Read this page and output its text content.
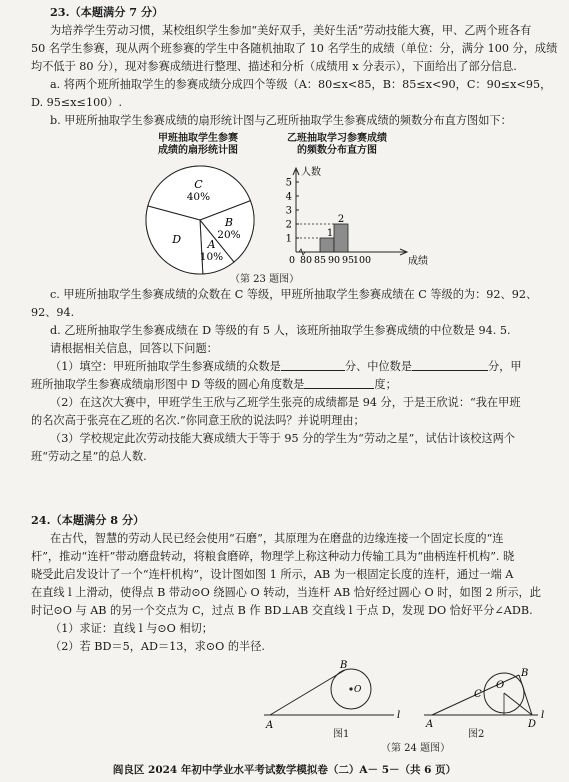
23.（本题满分 7 分）
为培养学生劳动习惯，某校组织学生参加“美好双手，美好生活”劳动技能大赛，甲、乙两个班各有
50 名学生参赛，现从两个班参赛的学生中各随机抽取了 10 名学生的成绩（单位：分，满分 100 分，成绩
均不低于 80 分），现对参赛成绩进行整理、描述和分析（成绩用 x 分表示），下面给出了部分信息.
a. 将两个班所抽取学生的参赛成绩分成四个等级（A：80≤x<85，B：85≤x<90，C：90≤x<95，
D. 95≤x≤100）.
b. 甲班所抽取学生参赛成绩的扇形统计图与乙班所抽取学生参赛成绩的频数分布直方图如下：
甲班抽取学生参赛
成绩的扇形统计图
乙班抽取学习参赛成绩
的频数分布直方图
A
10%
B
20%
C
40%
D	1
2
3
4
5
人数
0 80 85 90 95
100	成绩
1
2
（第 23 题图）
c. 甲班所抽取学生参赛成绩的众数在 C 等级，甲班所抽取学生参赛成绩在 C 等级的为：92、92、
92、94.
d. 乙班所抽取学生参赛成绩在 D 等级的有 5 人，该班所抽取学生参赛成绩的中位数是 94. 5.
请根据相关信息，回答以下问题：
（1）填空：甲班所抽取学生参赛成绩的众数是	分、中位数是	分，甲
班所抽取学生参赛成绩扇形图中 D 等级的圆心角度数是	度；
（2）在这次大赛中，甲班学生王欣与乙班学生张亮的成绩都是 94 分，于是王欣说：“我在甲班
的名次高于张亮在乙班的名次.”你同意王欣的说法吗？并说明理由；
（3）学校规定此次劳动技能大赛成绩大于等于 95 分的学生为“劳动之星”，试估计该校这两个
班“劳动之星”的总人数.
24.（本题满分 8 分）
在古代，智慧的劳动人民已经会使用“石磨”，其原理为在磨盘的边缘连接一个固定长度的“连
杆”，推动“连杆”带动磨盘转动，将粮食磨碎，物理学上称这种动力传输工具为“曲柄连杆机构”. 晓
晓受此启发设计了一个“连杆机构”，设计图如图 1 所示，AB 为一根固定长度的连杆，通过一端 A
在直线 l 上滑动，使得点 B 带动⊙O 绕圆心 O 转动，当连杆 AB 恰好经过圆心 O 时，如图 2 所示，此
时记⊙O 与 AB 的另一个交点为 C，过点 B 作 BD⊥AB 交直线 l 于点 D，发现 DO 恰好平分∠ADB.
（1）求证：直线 l 与⊙O 相切；
（2）若 BD＝5，AD＝13，求⊙O 的半径.
A
B
O
l
图1
A
B
C
D
O
l
图2
（第 24 题图）
阎良区 2024 年初中学业水平考试数学模拟卷（二）A－ 5－（共 6 页）
